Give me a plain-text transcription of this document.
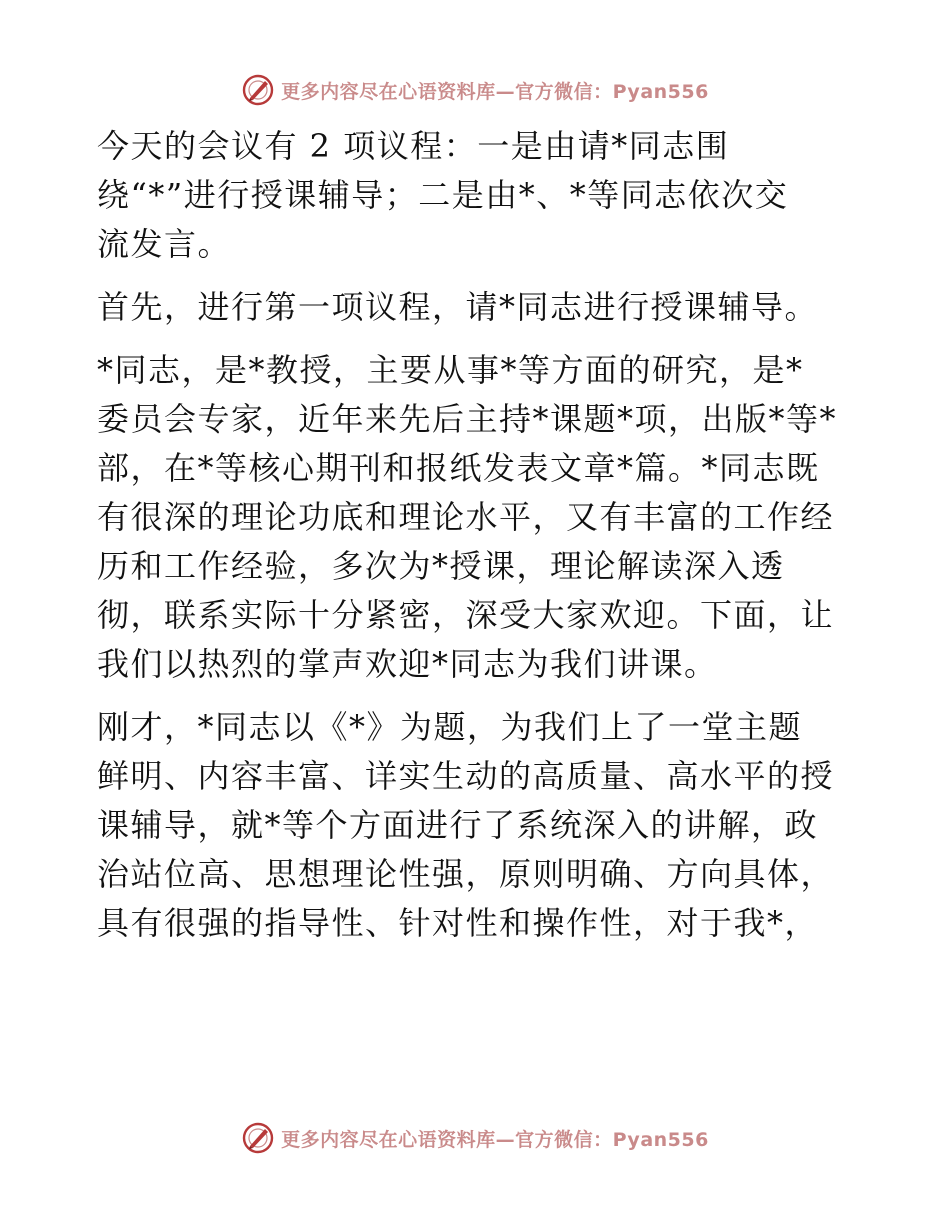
更多内容尽在心语资料库—官方微信：Pyan556

今天的会议有 2 项议程：一是由请*同志围
绕“*”进行授课辅导；二是由*、*等同志依次交
流发言。

首先，进行第一项议程，请*同志进行授课辅导。

*同志，是*教授，主要从事*等方面的研究，是*
委员会专家，近年来先后主持*课题*项，出版*等*
部，在*等核心期刊和报纸发表文章*篇。*同志既
有很深的理论功底和理论水平，又有丰富的工作经
历和工作经验，多次为*授课，理论解读深入透
彻，联系实际十分紧密，深受大家欢迎。下面，让
我们以热烈的掌声欢迎*同志为我们讲课。

刚才，*同志以《*》为题，为我们上了一堂主题
鲜明、内容丰富、详实生动的高质量、高水平的授
课辅导，就*等个方面进行了系统深入的讲解，政
治站位高、思想理论性强，原则明确、方向具体，
具有很强的指导性、针对性和操作性，对于我*，

更多内容尽在心语资料库—官方微信：Pyan556
